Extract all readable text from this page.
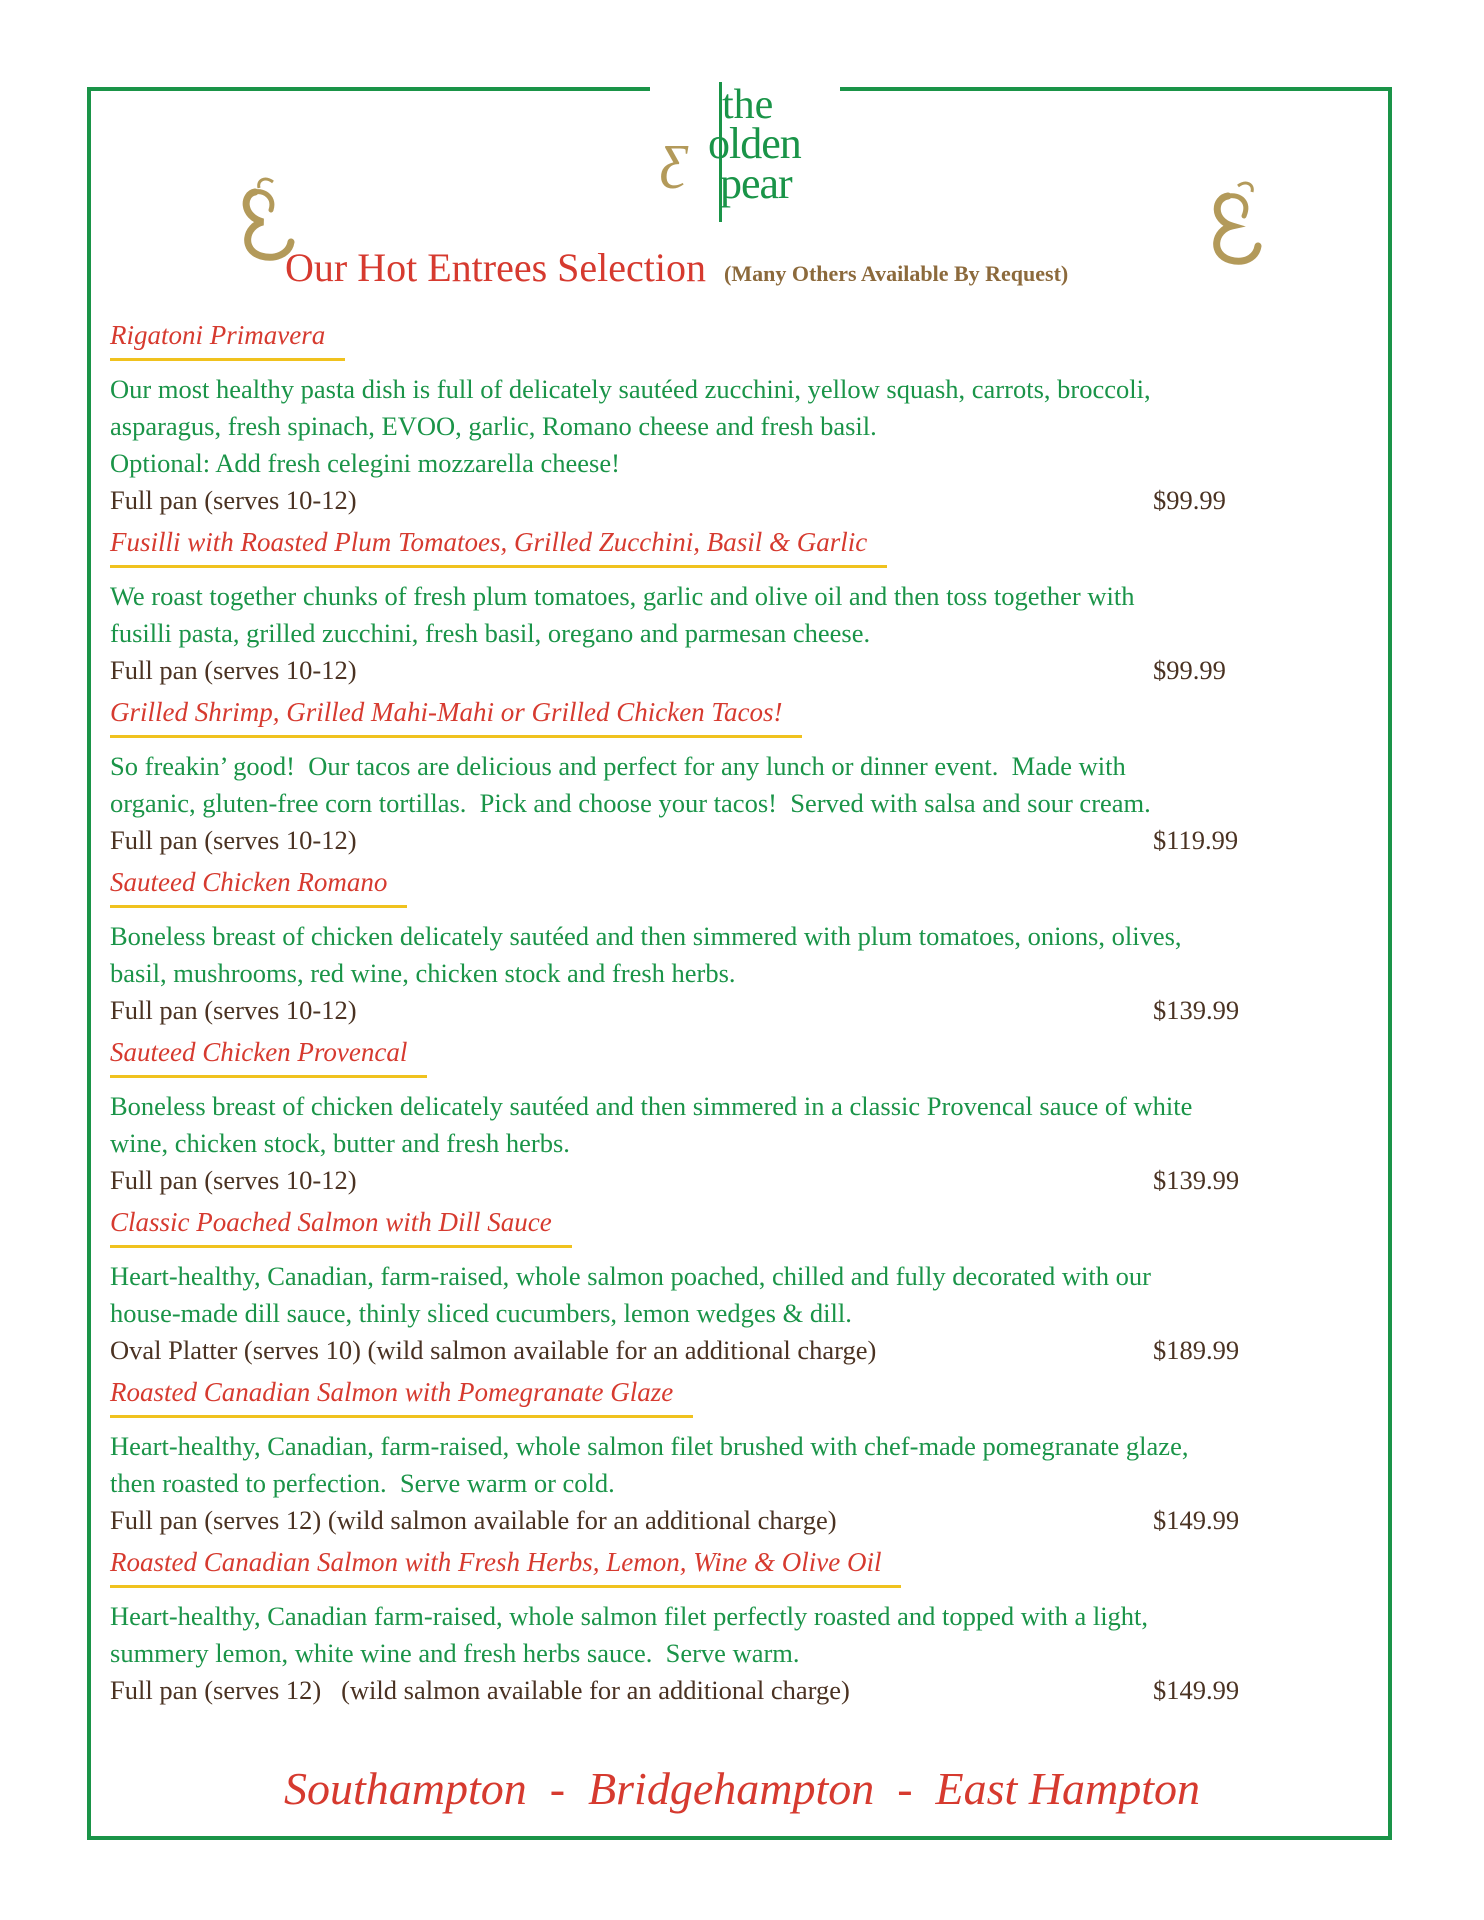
the
ƹ olden
pear
Our Hot Entrees Selection (Many Others Available By Request)
Rigatoni Primavera
Our most healthy pasta dish is full of delicately sautéed zucchini, yellow squash, carrots, broccoli,
asparagus, fresh spinach, EVOO, garlic, Romano cheese and fresh basil.
Optional: Add fresh celegini mozzarella cheese!
Full pan (serves 10-12)	$99.99
Fusilli with Roasted Plum Tomatoes, Grilled Zucchini, Basil & Garlic
We roast together chunks of fresh plum tomatoes, garlic and olive oil and then toss together with
fusilli pasta, grilled zucchini, fresh basil, oregano and parmesan cheese.
Full pan (serves 10-12)	$99.99
Grilled Shrimp, Grilled Mahi-Mahi or Grilled Chicken Tacos!
So freakin’ good!  Our tacos are delicious and perfect for any lunch or dinner event.  Made with
organic, gluten-free corn tortillas.  Pick and choose your tacos!  Served with salsa and sour cream.
Full pan (serves 10-12)	$119.99
Sauteed Chicken Romano
Boneless breast of chicken delicately sautéed and then simmered with plum tomatoes, onions, olives,
basil, mushrooms, red wine, chicken stock and fresh herbs.
Full pan (serves 10-12)	$139.99
Sauteed Chicken Provencal
Boneless breast of chicken delicately sautéed and then simmered in a classic Provencal sauce of white
wine, chicken stock, butter and fresh herbs.
Full pan (serves 10-12)	$139.99
Classic Poached Salmon with Dill Sauce
Heart-healthy, Canadian, farm-raised, whole salmon poached, chilled and fully decorated with our
house-made dill sauce, thinly sliced cucumbers, lemon wedges & dill.
Oval Platter (serves 10) (wild salmon available for an additional charge)	$189.99
Roasted Canadian Salmon with Pomegranate Glaze
Heart-healthy, Canadian, farm-raised, whole salmon filet brushed with chef-made pomegranate glaze,
then roasted to perfection.  Serve warm or cold.
Full pan (serves 12) (wild salmon available for an additional charge)	$149.99
Roasted Canadian Salmon with Fresh Herbs, Lemon, Wine & Olive Oil
Heart-healthy, Canadian farm-raised, whole salmon filet perfectly roasted and topped with a light,
summery lemon, white wine and fresh herbs sauce.  Serve warm.
Full pan (serves 12)   (wild salmon available for an additional charge)	$149.99
Southampton  -  Bridgehampton  -  East Hampton
